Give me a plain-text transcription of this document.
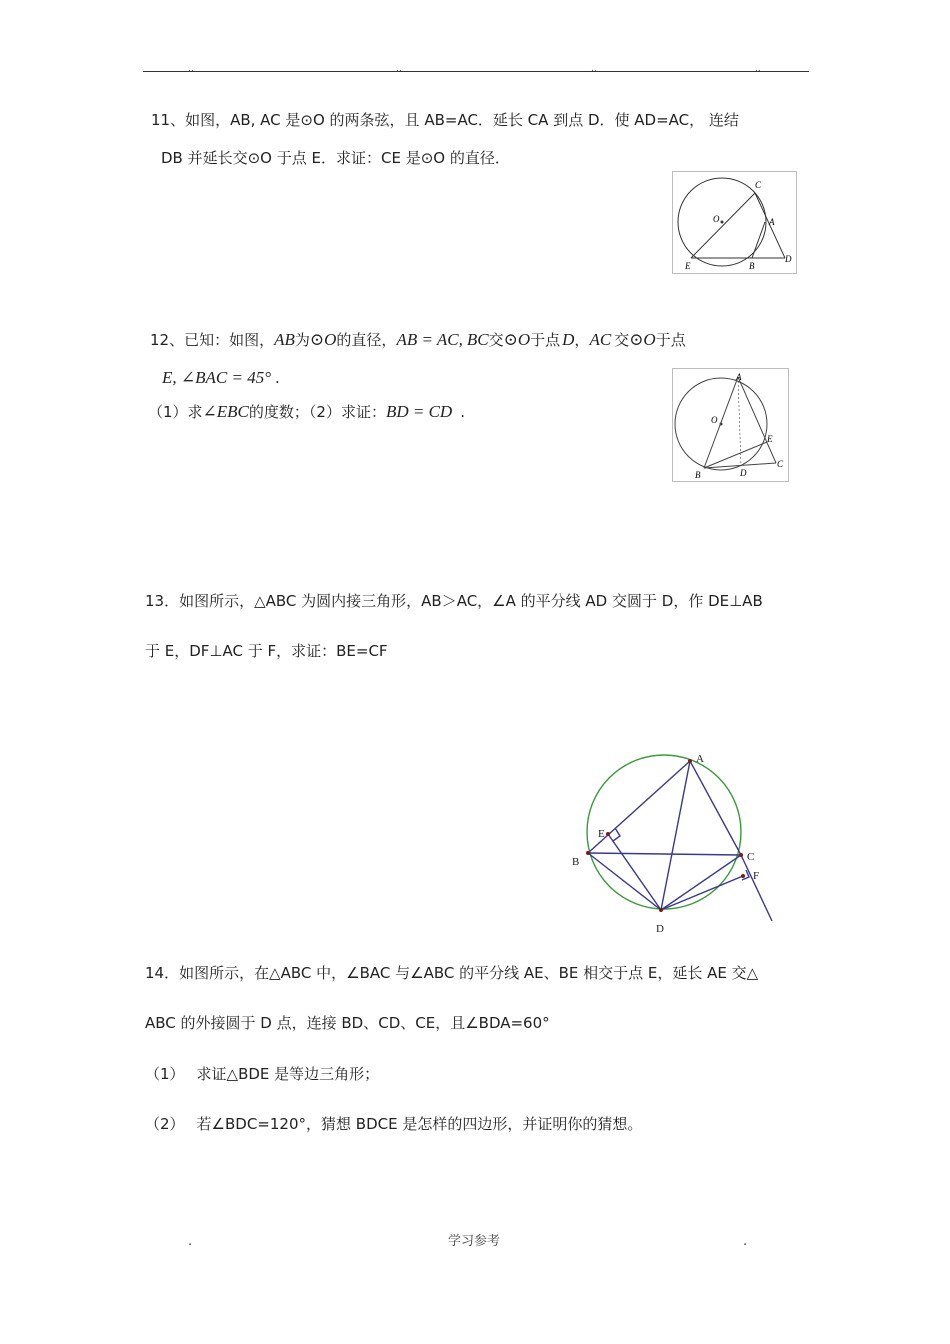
..	..	..	..
11、如图，AB, AC 是⊙O 的两条弦，且 AB=AC．延长 CA 到点 D．使 AD=AC， 连结
DB 并延长交⊙O 于点 E．求证：CE 是⊙O 的直径．
C
O	A
E	B
D
12、已知：如图， AB 为 ⊙O 的直径， AB = AC, BC 交 ⊙O 于点 D ， AC 交 ⊙O 于点
E, ∠BAC = 45° .
（1）求 ∠EBC 的度数；（2）求证： BD = CD .
A
O
E
C
B	D
13．如图所示，△ABC 为圆内接三角形，AB＞AC，∠A 的平分线 AD 交圆于 D，作 DE⊥AB
于 E，DF⊥AC 于 F，求证：BE=CF
A
E
B	C
F
D
14．如图所示，在△ABC 中，∠BAC 与∠ABC 的平分线 AE、BE 相交于点 E，延长 AE 交△
ABC 的外接圆于 D 点，连接 BD、CD、CE，且∠BDA=60°
（1） 求证△BDE 是等边三角形；
（2） 若∠BDC=120°，猜想 BDCE 是怎样的四边形，并证明你的猜想。
.	学习参考	.
